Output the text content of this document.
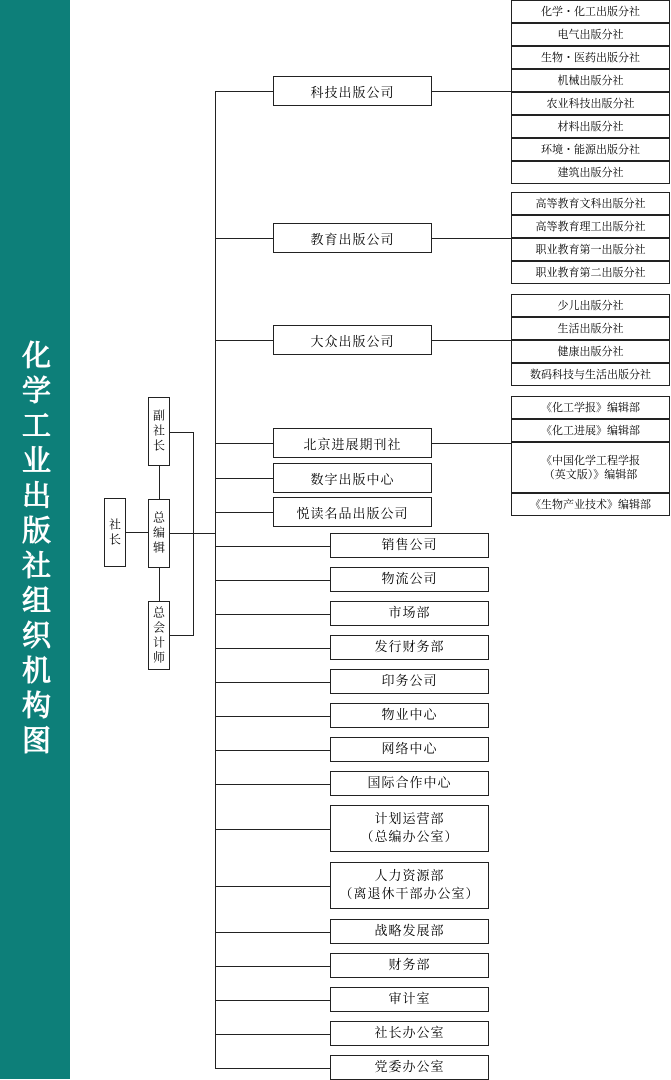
化学工业出版社组织机构图	社长
副社长
总编辑
总会计师
科技出版公司
化学・化工出版分社
电气出版分社
生物・医药出版分社
机械出版分社
农业科技出版分社
材料出版分社
环境・能源出版分社
建筑出版分社
教育出版公司
高等教育文科出版分社
高等教育理工出版分社
职业教育第一出版分社
职业教育第二出版分社
大众出版公司
少儿出版分社
生活出版分社
健康出版分社
数码科技与生活出版分社
北京进展期刊社
《化工学报》编辑部
《化工进展》编辑部
《中国化学工程学报
（英文版）》编辑部
《生物产业技术》编辑部
数字出版中心
悦读名品出版公司
销售公司
物流公司
市场部
发行财务部
印务公司
物业中心
网络中心
国际合作中心
计划运营部
（总编办公室）
人力资源部
（离退休干部办公室）
战略发展部
财务部
审计室
社长办公室
党委办公室
